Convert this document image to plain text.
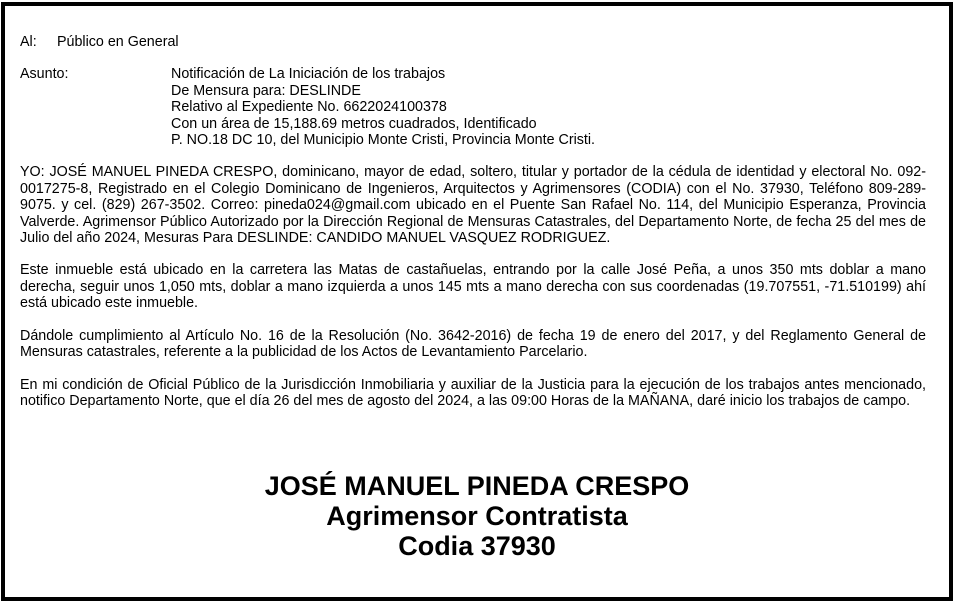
Al: Público en General
Asunto:	Notificación de La Iniciación de los trabajos
De Mensura para: DESLINDE
Relativo al Expediente No. 6622024100378
Con un área de 15,188.69 metros cuadrados, Identificado
P. NO.18 DC 10, del Municipio Monte Cristi, Provincia Monte Cristi.

YO: JOSÉ MANUEL PINEDA CRESPO, dominicano, mayor de edad, soltero, titular y portador de la cédula de identidad y electoral No. 092-0017275-8, Registrado en el Colegio Dominicano de Ingenieros, Arquitectos y Agrimensores (CODIA) con el No. 37930, Teléfono 809-289-9075. y cel. (829) 267-3502. Correo: pineda024@gmail.com ubicado en el Puente San Rafael No. 114, del Municipio Esperanza, Provincia Valverde. Agrimensor Público Autorizado por la Dirección Regional de Mensuras Catastrales, del Departamento Norte, de fecha 25 del mes de Julio del año 2024, Mesuras Para DESLINDE: CANDIDO MANUEL VASQUEZ RODRIGUEZ.

Este inmueble está ubicado en la carretera las Matas de castañuelas, entrando por la calle José Peña, a unos 350 mts doblar a mano derecha, seguir unos 1,050 mts, doblar a mano izquierda a unos 145 mts a mano derecha con sus coordenadas (19.707551, -71.510199) ahí está ubicado este inmueble.

Dándole cumplimiento al Artículo No. 16 de la Resolución (No. 3642-2016) de fecha 19 de enero del 2017, y del Reglamento General de Mensuras catastrales, referente a la publicidad de los Actos de Levantamiento Parcelario.

En mi condición de Oficial Público de la Jurisdicción Inmobiliaria y auxiliar de la Justicia para la ejecución de los trabajos antes mencionado, notifico Departamento Norte, que el día 26 del mes de agosto del 2024, a las 09:00 Horas de la MAÑANA, daré inicio los trabajos de campo.

JOSÉ MANUEL PINEDA CRESPO
Agrimensor Contratista
Codia 37930
